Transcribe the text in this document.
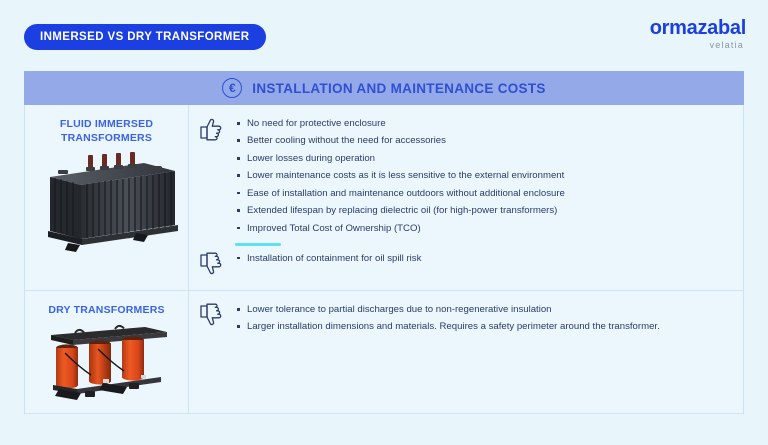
INMERSED VS DRY TRANSFORMER	ormazabal
velatia
€	INSTALLATION AND MAINTENANCE COSTS
FLUID IMMERSED
TRANSFORMERS
No need for protective enclosure
Better cooling without the need for accessories
Lower losses during operation
Lower maintenance costs as it is less sensitive to the external environment
Ease of installation and maintenance outdoors without additional enclosure
Extended lifespan by replacing dielectric oil (for high-power transformers)
Improved Total Cost of Ownership (TCO)
Installation of containment for oil spill risk
DRY TRANSFORMERS	Lower tolerance to partial discharges due to non-regenerative insulation
Larger installation dimensions and materials. Requires a safety perimeter around the transformer.
